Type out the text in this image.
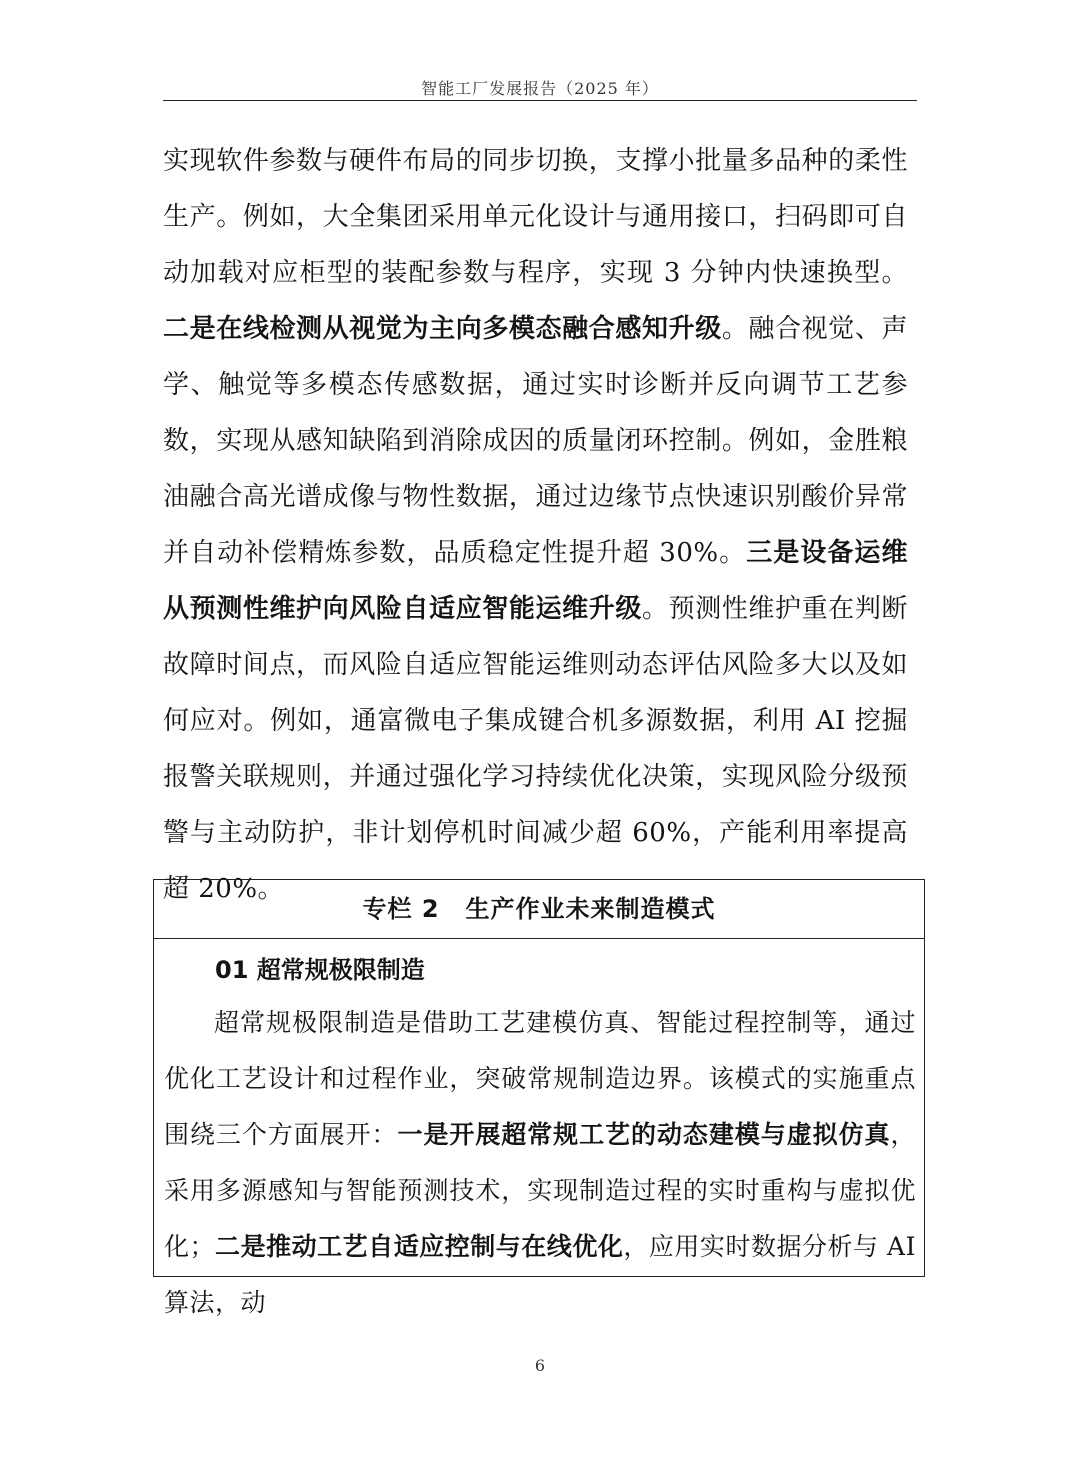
智能工厂发展报告（2025 年）

实现软件参数与硬件布局的同步切换，支撑小批量多品种的柔性生产。例如，大全集团采用单元化设计与通用接口，扫码即可自动加载对应柜型的装配参数与程序，实现 3 分钟内快速换型。二是在线检测从视觉为主向多模态融合感知升级。融合视觉、声学、触觉等多模态传感数据，通过实时诊断并反向调节工艺参数，实现从感知缺陷到消除成因的质量闭环控制。例如，金胜粮油融合高光谱成像与物性数据，通过边缘节点快速识别酸价异常并自动补偿精炼参数，品质稳定性提升超 30%。三是设备运维从预测性维护向风险自适应智能运维升级。预测性维护重在判断故障时间点，而风险自适应智能运维则动态评估风险多大以及如何应对。例如，通富微电子集成键合机多源数据，利用 AI 挖掘报警关联规则，并通过强化学习持续优化决策，实现风险分级预警与主动防护，非计划停机时间减少超 60%，产能利用率提高超 20%。

专栏 2 生产作业未来制造模式
01 超常规极限制造

超常规极限制造是借助工艺建模仿真、智能过程控制等，通过优化工艺设计和过程作业，突破常规制造边界。该模式的实施重点围绕三个方面展开：一是开展超常规工艺的动态建模与虚拟仿真，采用多源感知与智能预测技术，实现制造过程的实时重构与虚拟优化；二是推动工艺自适应控制与在线优化，应用实时数据分析与 AI 算法，动

6
